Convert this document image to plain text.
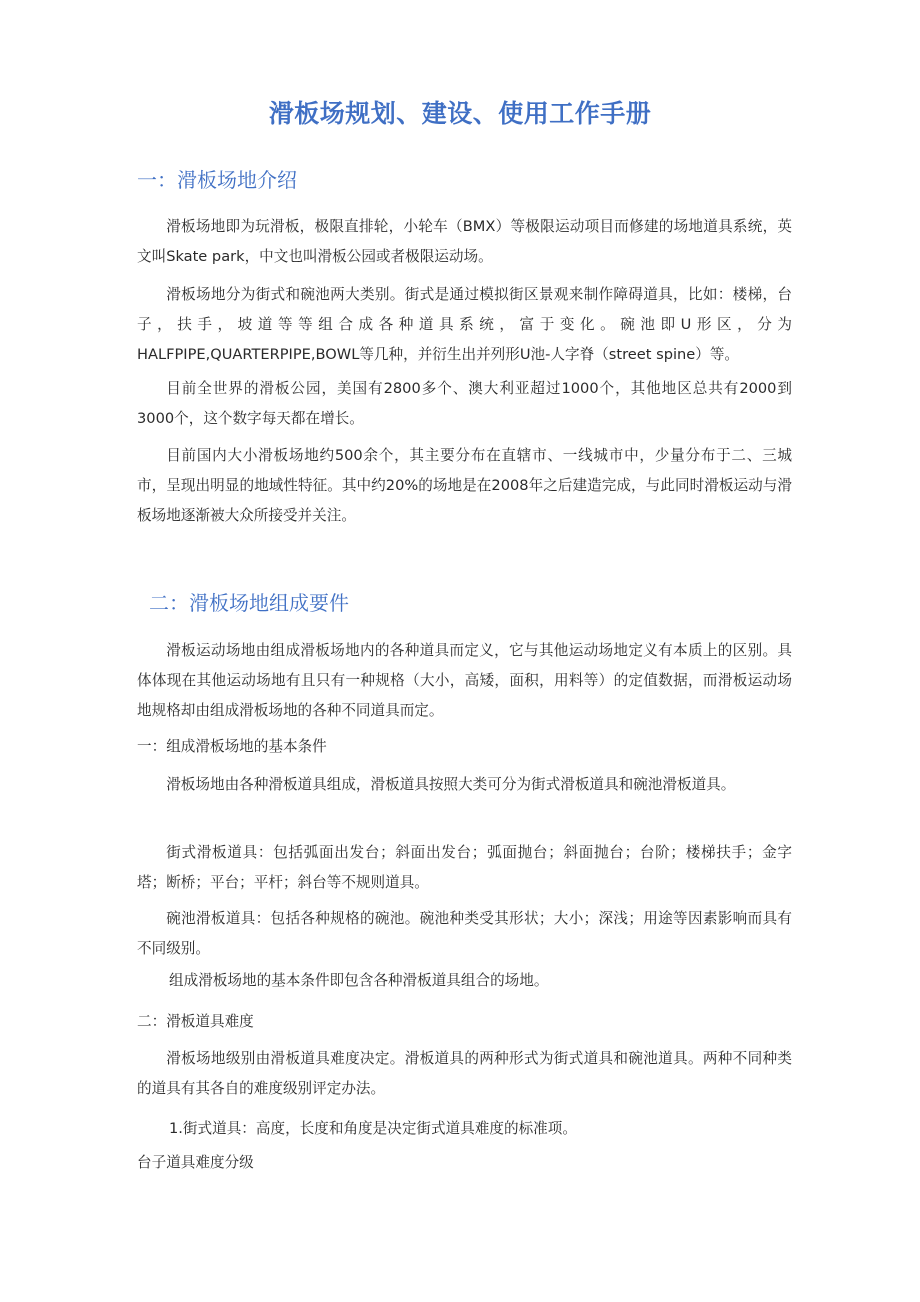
滑板场规划、建设、使用工作手册
一：滑板场地介绍

滑板场地即为玩滑板，极限直排轮，小轮车（BMX）等极限运动项目而修建的场地道具系统，英文叫Skate park，中文也叫滑板公园或者极限运动场。

滑板场地分为街式和碗池两大类别。街式是通过模拟街区景观来制作障碍道具，比如：楼梯，台子，扶手，坡道等等组合成各种道具系统，富于变化。碗池即U形区，分为HALFPIPE,QUARTERPIPE,BOWL等几种，并衍生出并列形U池-人字脊（street spine）等。

目前全世界的滑板公园，美国有2800多个、澳大利亚超过1000个，其他地区总共有2000到3000个，这个数字每天都在增长。

目前国内大小滑板场地约500余个，其主要分布在直辖市、一线城市中，少量分布于二、三城市，呈现出明显的地域性特征。其中约20%的场地是在2008年之后建造完成，与此同时滑板运动与滑板场地逐渐被大众所接受并关注。

二：滑板场地组成要件

滑板运动场地由组成滑板场地内的各种道具而定义，它与其他运动场地定义有本质上的区别。具体体现在其他运动场地有且只有一种规格（大小，高矮，面积，用料等）的定值数据，而滑板运动场地规格却由组成滑板场地的各种不同道具而定。

一：组成滑板场地的基本条件

滑板场地由各种滑板道具组成，滑板道具按照大类可分为街式滑板道具和碗池滑板道具。

街式滑板道具：包括弧面出发台；斜面出发台；弧面抛台；斜面抛台；台阶；楼梯扶手；金字塔；断桥；平台；平杆；斜台等不规则道具。

碗池滑板道具：包括各种规格的碗池。碗池种类受其形状；大小；深浅；用途等因素影响而具有不同级别。

组成滑板场地的基本条件即包含各种滑板道具组合的场地。

二：滑板道具难度

滑板场地级别由滑板道具难度决定。滑板道具的两种形式为街式道具和碗池道具。两种不同种类的道具有其各自的难度级别评定办法。

1.街式道具：高度，长度和角度是决定街式道具难度的标准项。

台子道具难度分级
